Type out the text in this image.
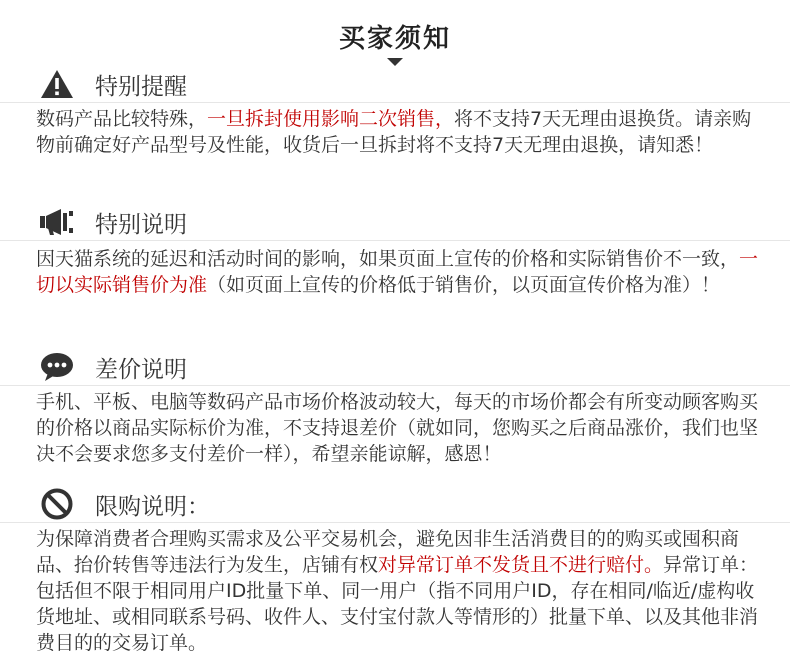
买家须知
特别提醒
数码产品比较特殊，一旦拆封使用影响二次销售，将不支持7天无理由退换货。请亲购物前确定好产品型号及性能，收货后一旦拆封将不支持7天无理由退换，请知悉！
特别说明
因天猫系统的延迟和活动时间的影响，如果页面上宣传的价格和实际销售价不一致，一切以实际销售价为准（如页面上宣传的价格低于销售价，以页面宣传价格为准）！
差价说明
手机、平板、电脑等数码产品市场价格波动较大，每天的市场价都会有所变动顾客购买的价格以商品实际标价为准，不支持退差价（就如同，您购买之后商品涨价，我们也坚决不会要求您多支付差价一样），希望亲能谅解，感恩！
限购说明：
为保障消费者合理购买需求及公平交易机会，避免因非生活消费目的的购买或囤积商品、抬价转售等违法行为发生，店铺有权对异常订单不发货且不进行赔付。异常订单：包括但不限于相同用户ID批量下单、同一用户（指不同用户ID，存在相同/临近/虚构收货地址、或相同联系号码、收件人、支付宝付款人等情形的）批量下单、以及其他非消费目的的交易订单。
